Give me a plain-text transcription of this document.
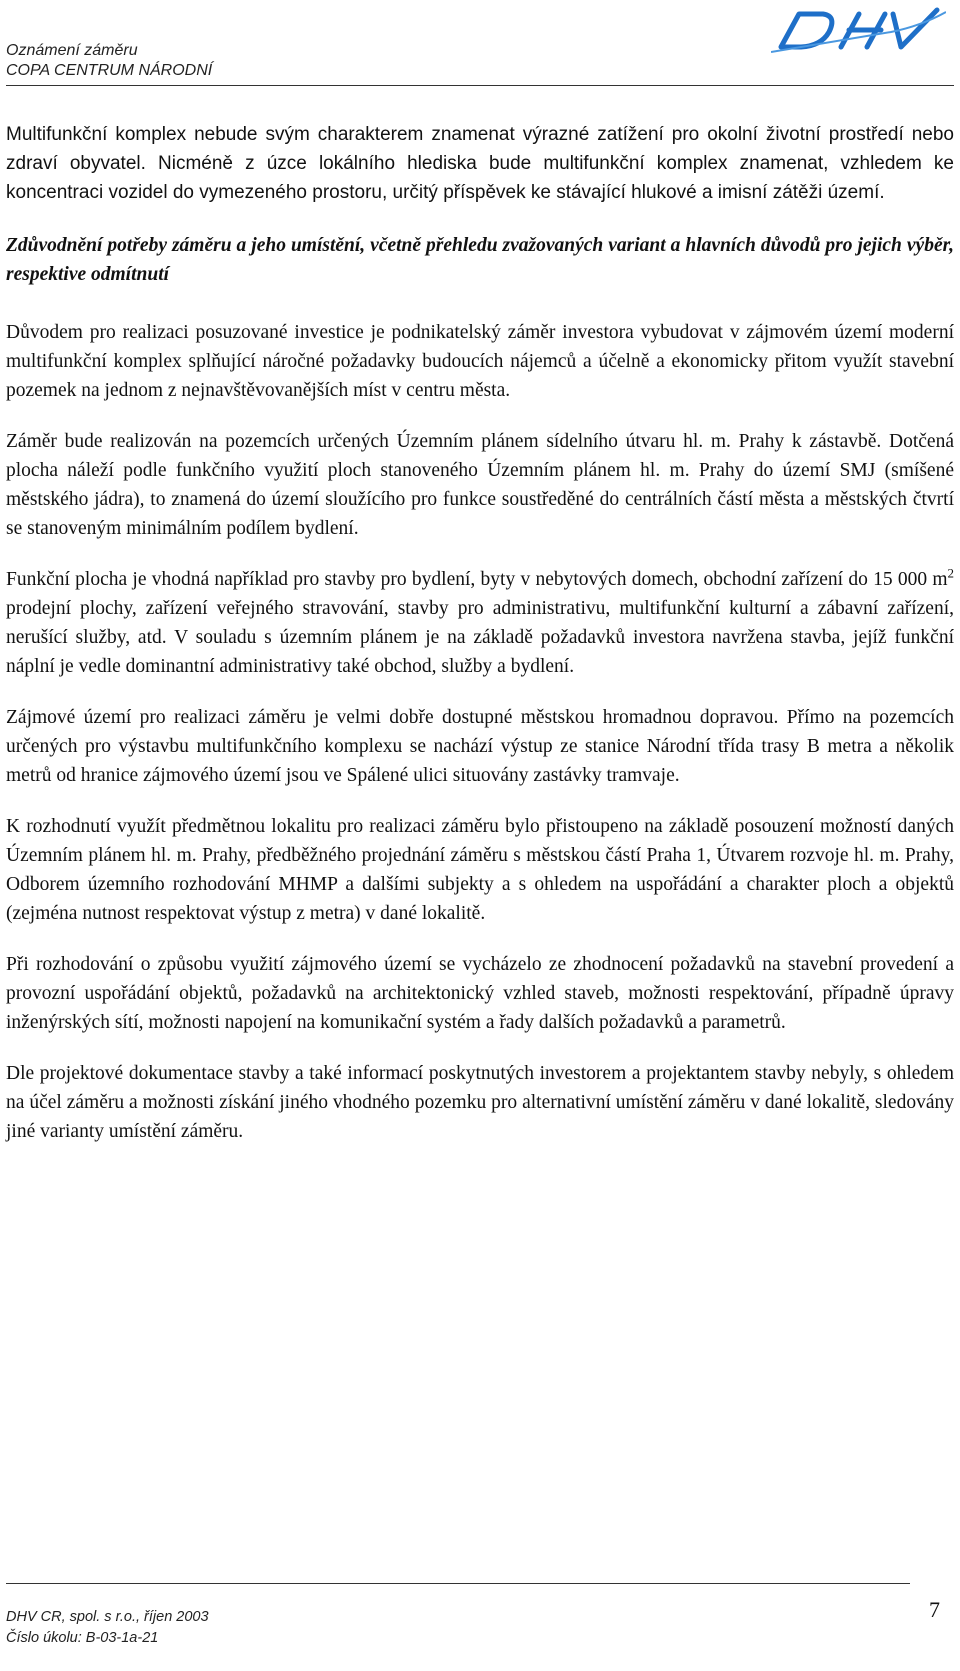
Oznámení záměru
COPA CENTRUM NÁRODNÍ

Multifunkční komplex nebude svým charakterem znamenat výrazné zatížení pro okolní životní prostředí nebo zdraví obyvatel. Nicméně z úzce lokálního hlediska bude multifunkční komplex znamenat, vzhledem ke koncentraci vozidel do vymezeného prostoru, určitý příspěvek ke stávající hlukové a imisní zátěži území.

Zdůvodnění potřeby záměru a jeho umístění, včetně přehledu zvažovaných variant a hlavních důvodů pro jejich výběr, respektive odmítnutí

Důvodem pro realizaci posuzované investice je podnikatelský záměr investora vybudovat v zájmovém území moderní multifunkční komplex splňující náročné požadavky budoucích nájemců a účelně a ekonomicky přitom využít stavební pozemek na jednom z nejnavštěvovanějších míst v centru města.

Záměr bude realizován na pozemcích určených Územním plánem sídelního útvaru hl. m. Prahy k zástavbě. Dotčená plocha náleží podle funkčního využití ploch stanoveného Územním plánem hl. m. Prahy do území SMJ (smíšené městského jádra), to znamená do území sloužícího pro funkce soustředěné do centrálních částí města a městských čtvrtí se stanoveným minimálním podílem bydlení.

Funkční plocha je vhodná například pro stavby pro bydlení, byty v nebytových domech, obchodní zařízení do 15 000 $m^2$ prodejní plochy, zařízení veřejného stravování, stavby pro administrativu, multifunkční kulturní a zábavní zařízení, nerušící služby, atd. V souladu s územním plánem je na základě požadavků investora navržena stavba, jejíž funkční náplní je vedle dominantní administrativy také obchod, služby a bydlení.

Zájmové území pro realizaci záměru je velmi dobře dostupné městskou hromadnou dopravou. Přímo na pozemcích určených pro výstavbu multifunkčního komplexu se nachází výstup ze stanice Národní třída trasy B metra a několik metrů od hranice zájmového území jsou ve Spálené ulici situovány zastávky tramvaje.

K rozhodnutí využít předmětnou lokalitu pro realizaci záměru bylo přistoupeno na základě posouzení možností daných Územním plánem hl. m. Prahy, předběžného projednání záměru s městskou částí Praha 1, Útvarem rozvoje hl. m. Prahy, Odborem územního rozhodování MHMP a dalšími subjekty a s ohledem na uspořádání a charakter ploch a objektů (zejména nutnost respektovat výstup z metra) v dané lokalitě.

Při rozhodování o způsobu využití zájmového území se vycházelo ze zhodnocení požadavků na stavební provedení a provozní uspořádání objektů, požadavků na architektonický vzhled staveb, možnosti respektování, případně úpravy inženýrských sítí, možnosti napojení na komunikační systém a řady dalších požadavků a parametrů.

Dle projektové dokumentace stavby a také informací poskytnutých investorem a projektantem stavby nebyly, s ohledem na účel záměru a možnosti získání jiného vhodného pozemku pro alternativní umístění záměru v dané lokalitě, sledovány jiné varianty umístění záměru.

DHV CR, spol. s r.o., říjen 2003
Číslo úkolu: B-03-1a-21
7
